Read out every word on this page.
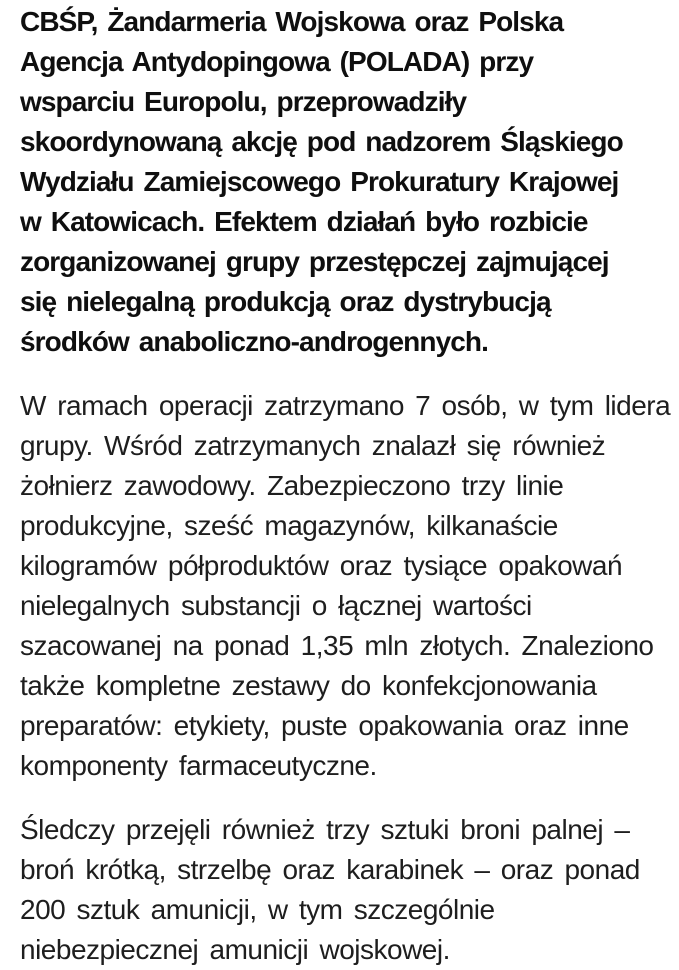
CBŚP, Żandarmeria Wojskowa oraz Polska
Agencja Antydopingowa (POLADA) przy
wsparciu Europolu, przeprowadziły
skoordynowaną akcję pod nadzorem Śląskiego
Wydziału Zamiejscowego Prokuratury Krajowej
w Katowicach. Efektem działań było rozbicie
zorganizowanej grupy przestępczej zajmującej
się nielegalną produkcją oraz dystrybucją
środków anaboliczno-androgennych.
W ramach operacji zatrzymano 7 osób, w tym lidera
grupy. Wśród zatrzymanych znalazł się również
żołnierz zawodowy. Zabezpieczono trzy linie
produkcyjne, sześć magazynów, kilkanaście
kilogramów półproduktów oraz tysiące opakowań
nielegalnych substancji o łącznej wartości
szacowanej na ponad 1,35 mln złotych. Znaleziono
także kompletne zestawy do konfekcjonowania
preparatów: etykiety, puste opakowania oraz inne
komponenty farmaceutyczne.
Śledczy przejęli również trzy sztuki broni palnej –
broń krótką, strzelbę oraz karabinek – oraz ponad
200 sztuk amunicji, w tym szczególnie
niebezpiecznej amunicji wojskowej.
